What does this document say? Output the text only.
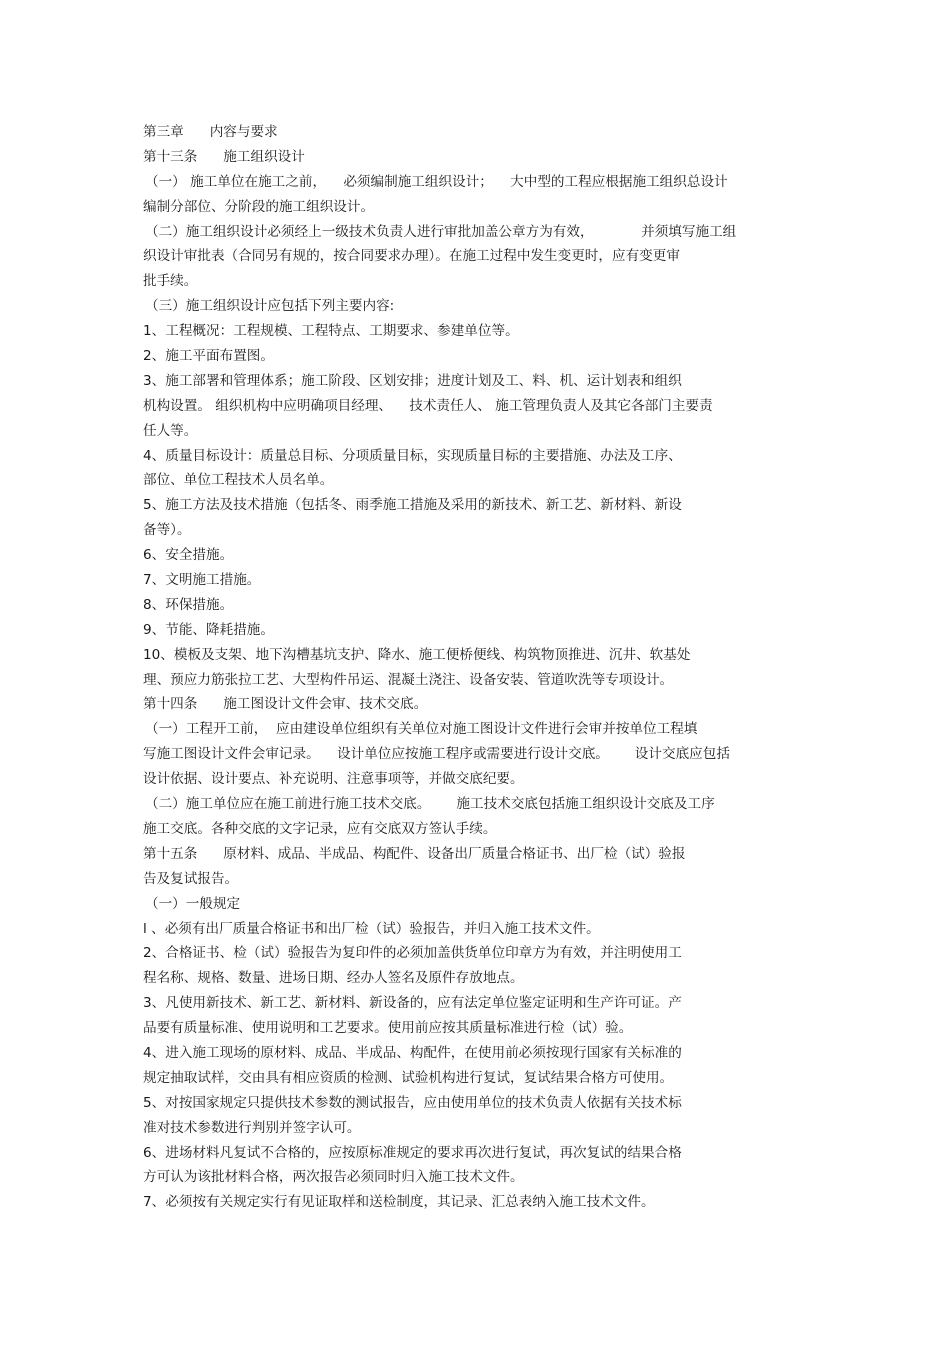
第三章      内容与要求
第十三条      施工组织设计
（一） 施工单位在施工之前，    必须编制施工组织设计；    大中型的工程应根据施工组织总设计
编制分部位、分阶段的施工组织设计。
（二）施工组织设计必须经上一级技术负责人进行审批加盖公章方为有效，           并须填写施工组
织设计审批表（合同另有规的，按合同要求办理）。在施工过程中发生变更时，应有变更审
批手续。
（三）施工组织设计应包括下列主要内容:
1、工程概况：工程规模、工程特点、工期要求、参建单位等。
2、施工平面布置图。
3、施工部署和管理体系；施工阶段、区划安排；进度计划及工、料、机、运计划表和组织
机构设置。 组织机构中应明确项目经理、    技术责任人、 施工管理负责人及其它各部门主要责
任人等。
4、质量目标设计：质量总目标、分项质量目标，实现质量目标的主要措施、办法及工序、
部位、单位工程技术人员名单。
5、施工方法及技术措施（包括冬、雨季施工措施及采用的新技术、新工艺、新材料、新设
备等）。
6、安全措施。
7、文明施工措施。
8、环保措施。
9、节能、降耗措施。
10、模板及支架、地下沟槽基坑支护、降水、施工便桥便线、构筑物顶推进、沉井、软基处
理、预应力筋张拉工艺、大型构件吊运、混凝土浇注、设备安装、管道吹洗等专项设计。
第十四条      施工图设计文件会审、技术交底。
（一）工程开工前，  应由建设单位组织有关单位对施工图设计文件进行会审并按单位工程填
写施工图设计文件会审记录。    设计单位应按施工程序或需要进行设计交底。      设计交底应包括
设计依据、设计要点、补充说明、注意事项等，并做交底纪要。
（二）施工单位应在施工前进行施工技术交底。      施工技术交底包括施工组织设计交底及工序
施工交底。各种交底的文字记录，应有交底双方签认手续。
第十五条      原材料、成品、半成品、构配件、设备出厂质量合格证书、出厂检（试）验报
告及复试报告。
（一）一般规定
l 、必须有出厂质量合格证书和出厂检（试）验报告，并归入施工技术文件。
2、合格证书、检（试）验报告为复印件的必须加盖供货单位印章方为有效，并注明使用工
程名称、规格、数量、进场日期、经办人签名及原件存放地点。
3、凡使用新技术、新工艺、新材料、新设备的，应有法定单位鉴定证明和生产许可证。产
品要有质量标准、使用说明和工艺要求。使用前应按其质量标准进行检（试）验。
4、进入施工现场的原材料、成品、半成品、构配件，在使用前必须按现行国家有关标准的
规定抽取试样，交由具有相应资质的检测、试验机构进行复试，复试结果合格方可使用。
5、对按国家规定只提供技术参数的测试报告，应由使用单位的技术负责人依据有关技术标
准对技术参数进行判别并签字认可。
6、进场材料凡复试不合格的，应按原标准规定的要求再次进行复试，再次复试的结果合格
方可认为该批材料合格，两次报告必须同时归入施工技术文件。
7、必须按有关规定实行有见证取样和送检制度，其记录、汇总表纳入施工技术文件。
